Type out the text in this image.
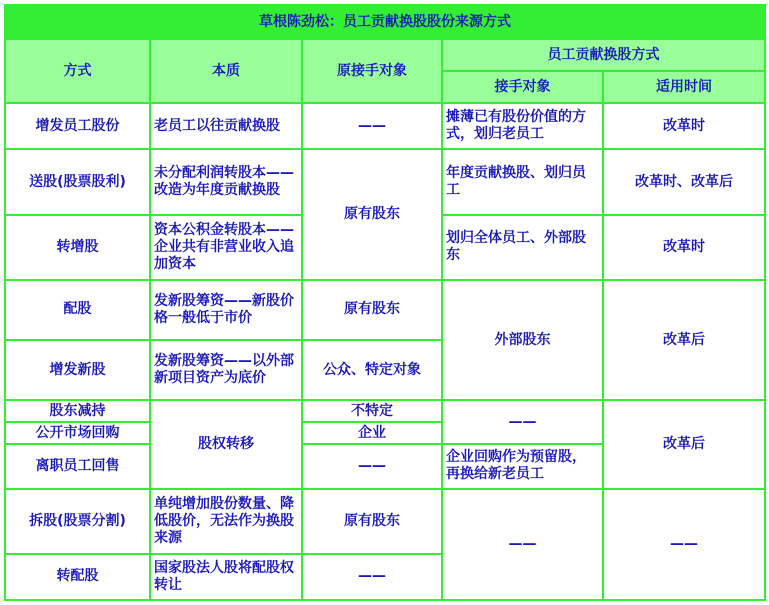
草根陈劲松：员工贡献换股股份来源方式				
方式	本质	原接手对象	员工贡献换股方式	
			接手对象	适用时间
增发员工股份	老员工以往贡献换股	——	摊薄已有股份价值的方式，划归老员工	改革时
送股(股票股利)	未分配利润转股本——改造为年度贡献换股	原有股东	年度贡献换股、划归员工	改革时、改革后
转增股	资本公积金转股本——企业共有非营业收入追加资本		划归全体员工、外部股东	改革时
配股	发新股筹资——新股价格一般低于市价	原有股东	外部股东	改革后
增发新股	发新股筹资——以外部新项目资产为底价	公众、特定对象		
股东减持	股权转移	不特定	——	改革后
公开市场回购		企业		
离职员工回售		——	企业回购作为预留股，再换给新老员工	
拆股(股票分割)	单纯增加股份数量、降低股价，无法作为换股来源	原有股东	——	——
转配股	国家股法人股将配股权转让	——		
